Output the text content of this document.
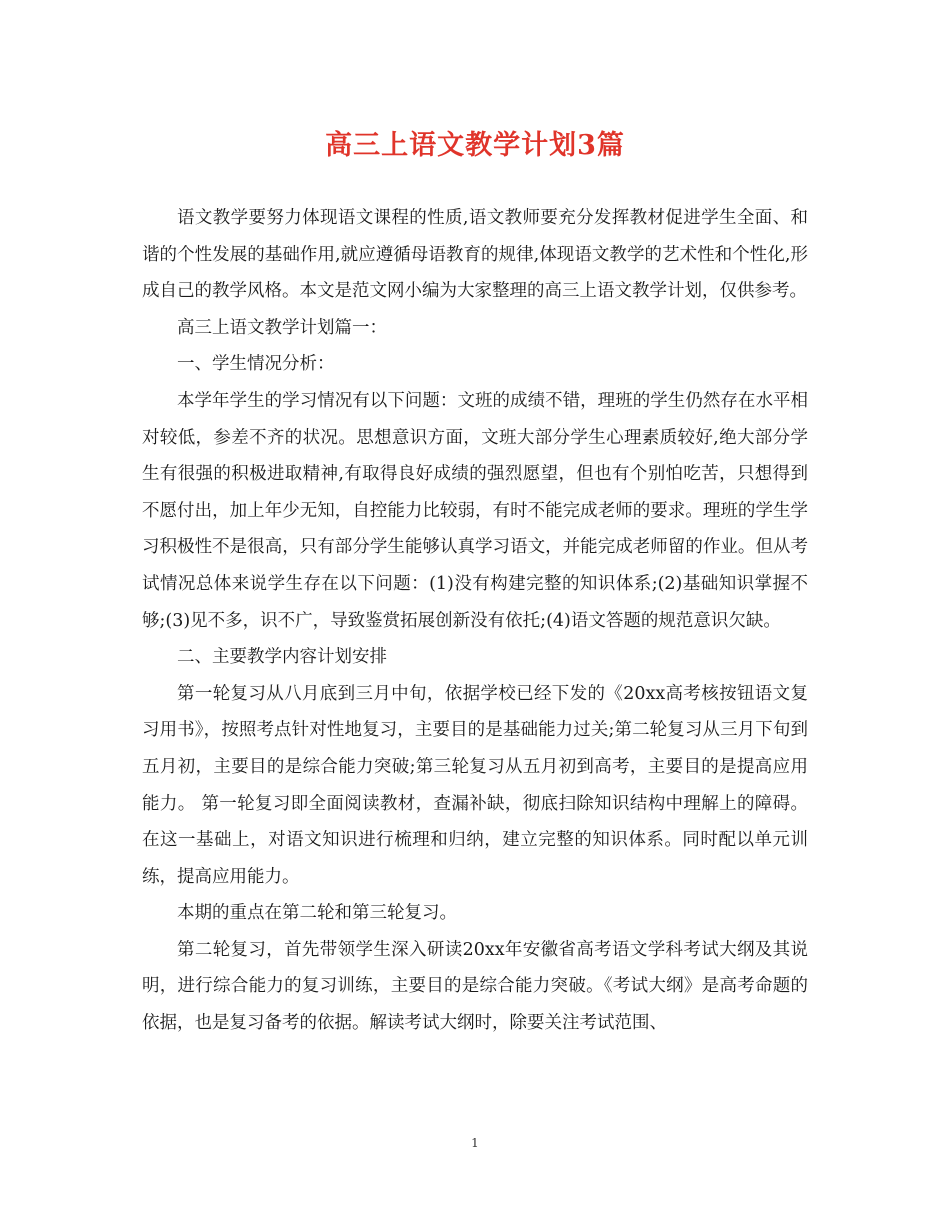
高三上语文教学计划3篇

语文教学要努力体现语文课程的性质,语文教师要充分发挥教材促进学生全面、和谐的个性发展的基础作用,就应遵循母语教育的规律,体现语文教学的艺术性和个性化,形成自己的教学风格。本文是范文网小编为大家整理的高三上语文教学计划，仅供参考。

高三上语文教学计划篇一：

一、学生情况分析：

本学年学生的学习情况有以下问题：文班的成绩不错，理班的学生仍然存在水平相对较低，参差不齐的状况。思想意识方面，文班大部分学生心理素质较好,绝大部分学生有很强的积极进取精神,有取得良好成绩的强烈愿望，但也有个别怕吃苦，只想得到不愿付出，加上年少无知，自控能力比较弱，有时不能完成老师的要求。理班的学生学习积极性不是很高，只有部分学生能够认真学习语文，并能完成老师留的作业。但从考试情况总体来说学生存在以下问题：(1)没有构建完整的知识体系;(2)基础知识掌握不够;(3)见不多，识不广，导致鉴赏拓展创新没有依托;(4)语文答题的规范意识欠缺。

二、主要教学内容计划安排

第一轮复习从八月底到三月中旬，依据学校已经下发的《20xx高考核按钮语文复习用书》，按照考点针对性地复习，主要目的是基础能力过关;第二轮复习从三月下旬到五月初，主要目的是综合能力突破;第三轮复习从五月初到高考，主要目的是提高应用能力。 第一轮复习即全面阅读教材，查漏补缺，彻底扫除知识结构中理解上的障碍。在这一基础上，对语文知识进行梳理和归纳，建立完整的知识体系。同时配以单元训练，提高应用能力。

本期的重点在第二轮和第三轮复习。

第二轮复习，首先带领学生深入研读20xx年安徽省高考语文学科考试大纲及其说明，进行综合能力的复习训练，主要目的是综合能力突破。《考试大纲》是高考命题的依据，也是复习备考的依据。解读考试大纲时，除要关注考试范围、

1
